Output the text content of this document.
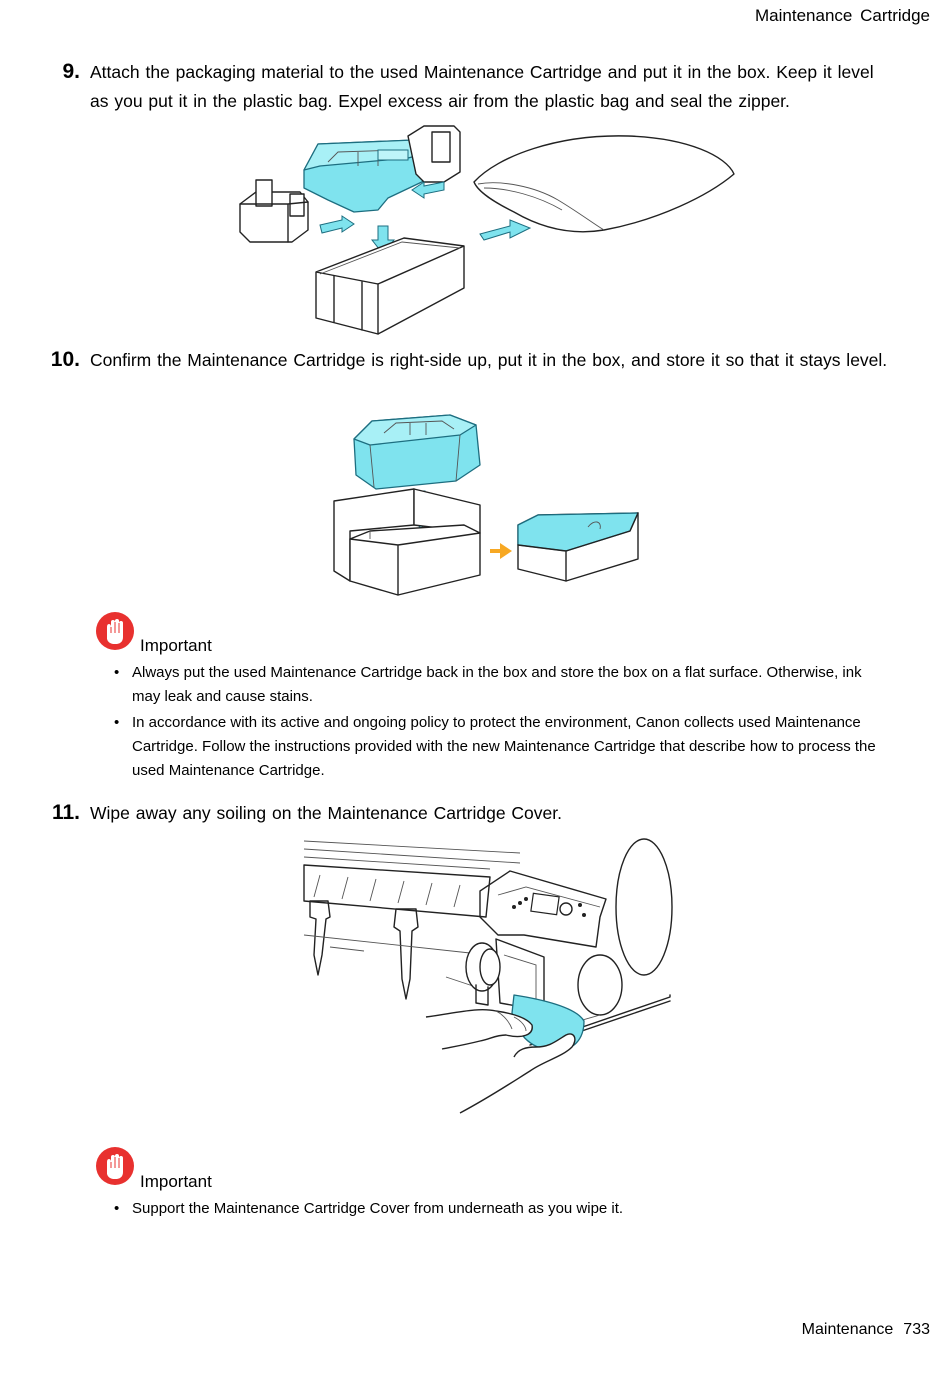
Maintenance Cartridge
9. Attach the packaging material to the used Maintenance Cartridge and put it in the box. Keep it level as you put it in the plastic bag. Expel excess air from the plastic bag and seal the zipper.
10. Confirm the Maintenance Cartridge is right-side up, put it in the box, and store it so that it stays level.
Important
• Always put the used Maintenance Cartridge back in the box and store the box on a flat surface. Otherwise, ink may leak and cause stains.
• In accordance with its active and ongoing policy to protect the environment, Canon collects used Maintenance Cartridge. Follow the instructions provided with the new Maintenance Cartridge that describe how to process the used Maintenance Cartridge.
11. Wipe away any soiling on the Maintenance Cartridge Cover.
Important
• Support the Maintenance Cartridge Cover from underneath as you wipe it.
Maintenance 733
